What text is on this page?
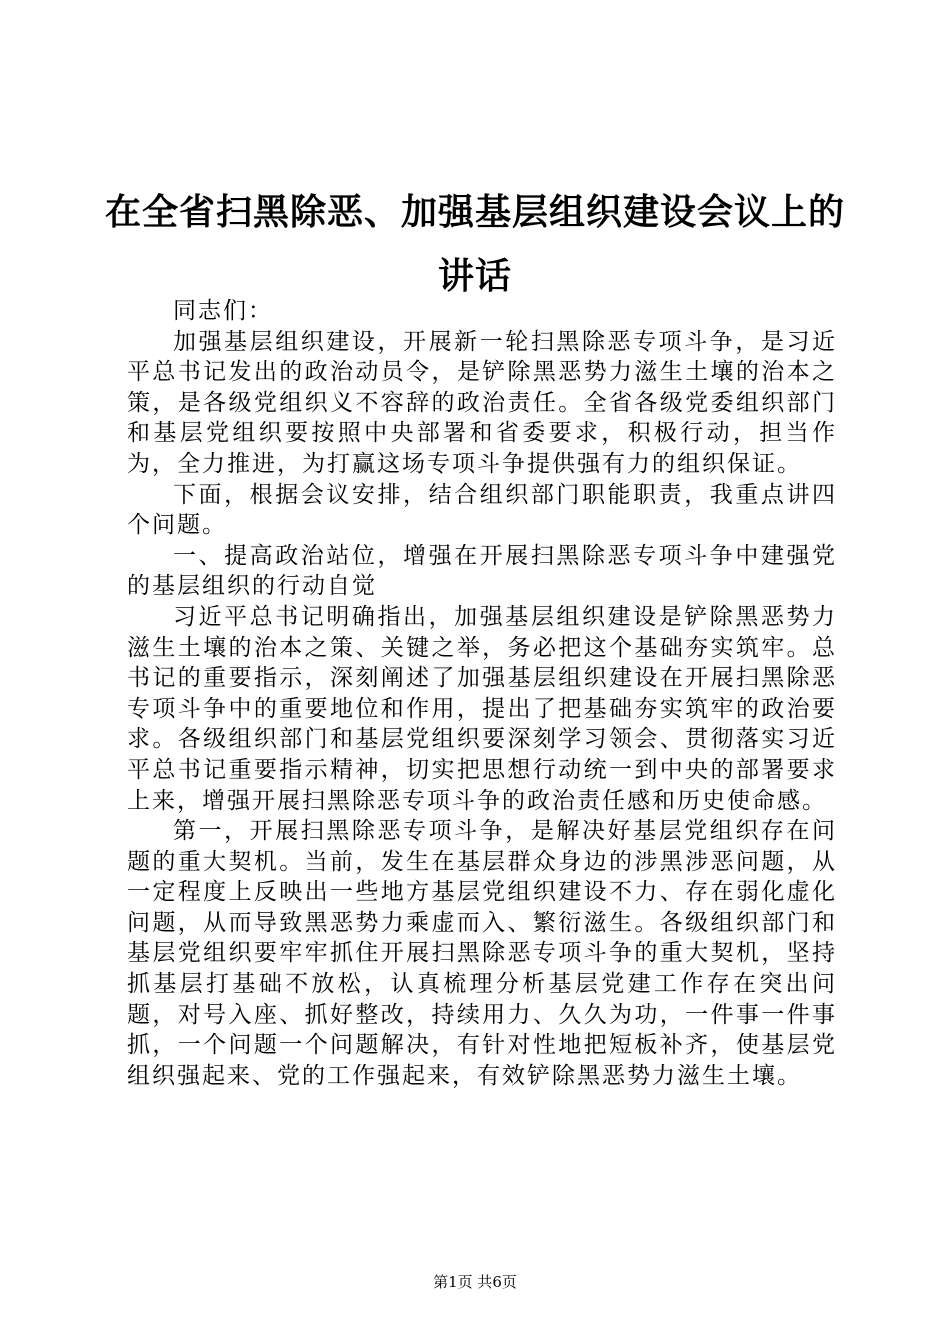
在全省扫黑除恶、加强基层组织建设会议上的
讲话

同志们：

加强基层组织建设，开展新一轮扫黑除恶专项斗争，是习近平总书记发出的政治动员令，是铲除黑恶势力滋生土壤的治本之策，是各级党组织义不容辞的政治责任。全省各级党委组织部门和基层党组织要按照中央部署和省委要求，积极行动，担当作为，全力推进，为打赢这场专项斗争提供强有力的组织保证。

下面，根据会议安排，结合组织部门职能职责，我重点讲四个问题。

一、提高政治站位，增强在开展扫黑除恶专项斗争中建强党的基层组织的行动自觉

习近平总书记明确指出，加强基层组织建设是铲除黑恶势力滋生土壤的治本之策、关键之举，务必把这个基础夯实筑牢。总书记的重要指示，深刻阐述了加强基层组织建设在开展扫黑除恶专项斗争中的重要地位和作用，提出了把基础夯实筑牢的政治要求。各级组织部门和基层党组织要深刻学习领会、贯彻落实习近平总书记重要指示精神，切实把思想行动统一到中央的部署要求上来，增强开展扫黑除恶专项斗争的政治责任感和历史使命感。

第一，开展扫黑除恶专项斗争，是解决好基层党组织存在问题的重大契机。当前，发生在基层群众身边的涉黑涉恶问题，从一定程度上反映出一些地方基层党组织建设不力、存在弱化虚化问题，从而导致黑恶势力乘虚而入、繁衍滋生。各级组织部门和基层党组织要牢牢抓住开展扫黑除恶专项斗争的重大契机，坚持抓基层打基础不放松，认真梳理分析基层党建工作存在突出问题，对号入座、抓好整改，持续用力、久久为功，一件事一件事抓，一个问题一个问题解决，有针对性地把短板补齐，使基层党组织强起来、党的工作强起来，有效铲除黑恶势力滋生土壤。

第1页 共6页
